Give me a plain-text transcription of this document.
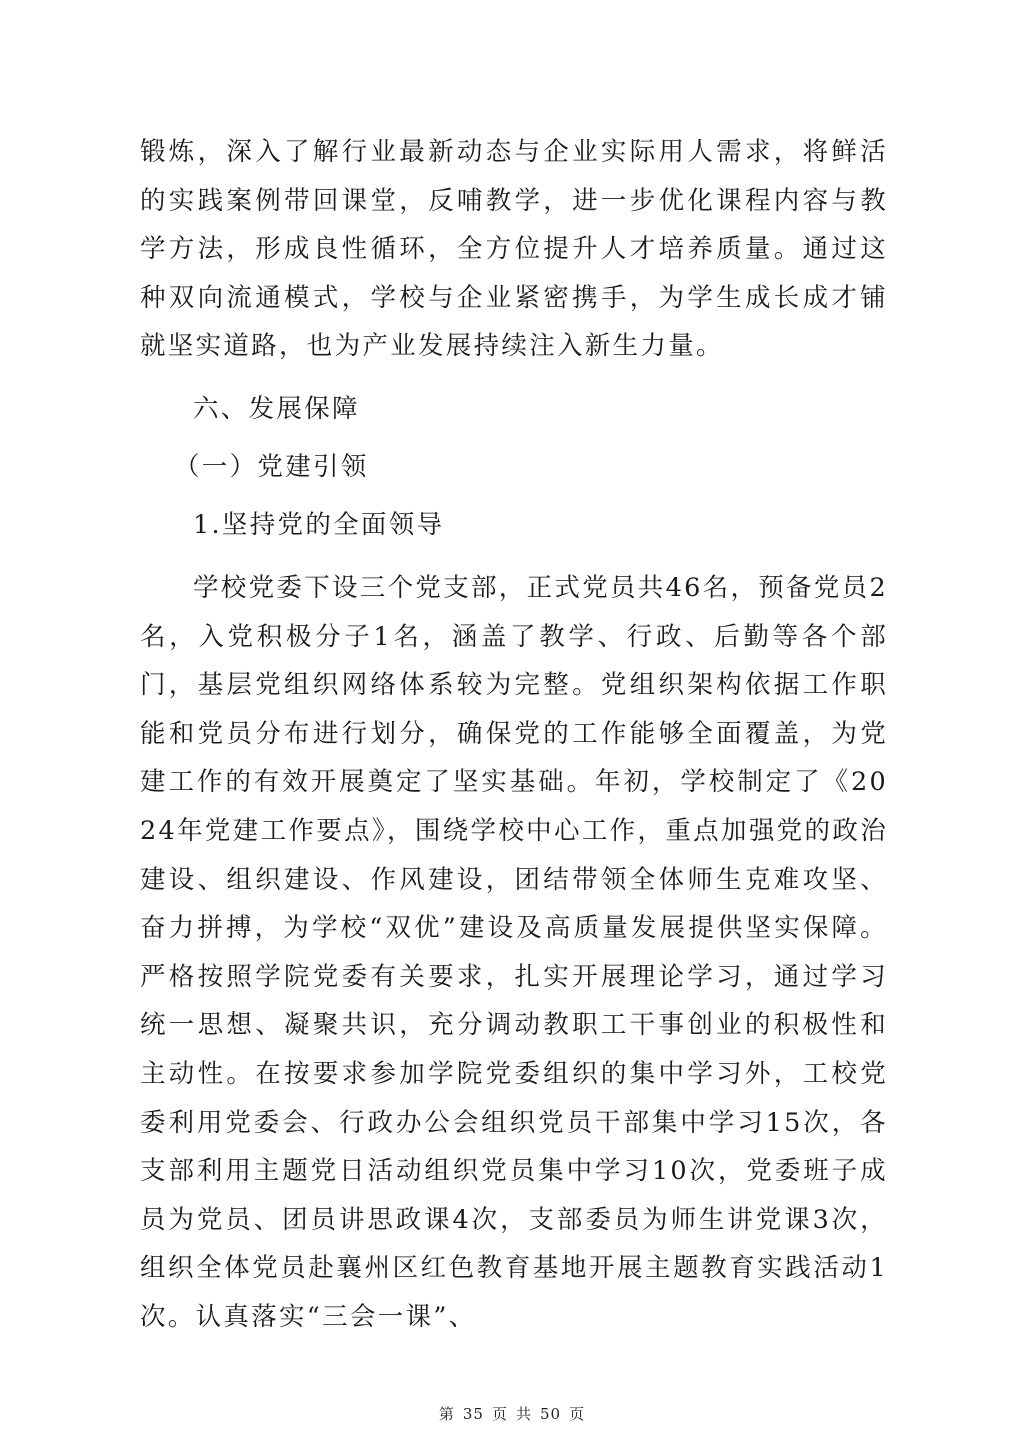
锻炼，深入了解行业最新动态与企业实际用人需求，将鲜活的实践案例带回课堂，反哺教学，进一步优化课程内容与教学方法，形成良性循环，全方位提升人才培养质量。通过这种双向流通模式，学校与企业紧密携手，为学生成长成才铺就坚实道路，也为产业发展持续注入新生力量。

六、发展保障
（一）党建引领
1.坚持党的全面领导

学校党委下设三个党支部，正式党员共46名，预备党员2名，入党积极分子1名，涵盖了教学、行政、后勤等各个部门，基层党组织网络体系较为完整。党组织架构依据工作职能和党员分布进行划分，确保党的工作能够全面覆盖，为党建工作的有效开展奠定了坚实基础。年初，学校制定了《2024年党建工作要点》，围绕学校中心工作，重点加强党的政治建设、组织建设、作风建设，团结带领全体师生克难攻坚、奋力拼搏，为学校“双优”建设及高质量发展提供坚实保障。严格按照学院党委有关要求，扎实开展理论学习，通过学习统一思想、凝聚共识，充分调动教职工干事创业的积极性和主动性。在按要求参加学院党委组织的集中学习外，工校党委利用党委会、行政办公会组织党员干部集中学习15次，各支部利用主题党日活动组织党员集中学习10次，党委班子成员为党员、团员讲思政课4次，支部委员为师生讲党课3次，组织全体党员赴襄州区红色教育基地开展主题教育实践活动1次。认真落实“三会一课”、

第 35 页 共 50 页
